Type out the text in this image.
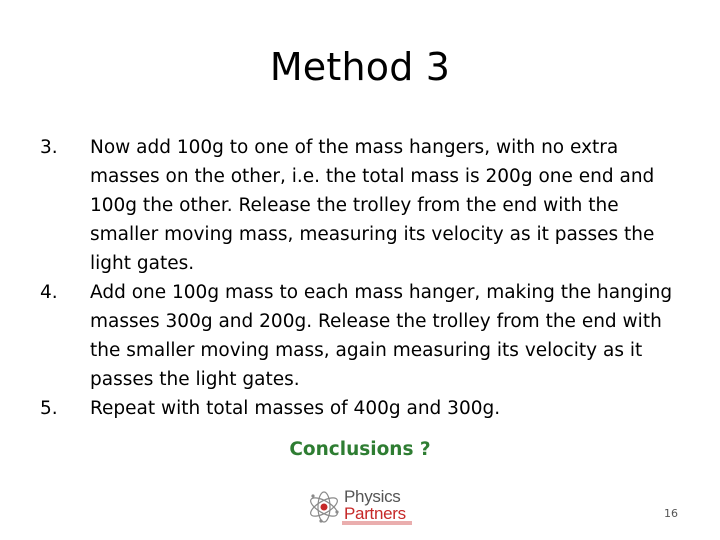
Method 3
3.	Now add 100g to one of the mass hangers, with no extra masses on the other, i.e. the total mass is 200g one end and 100g the other. Release the trolley from the end with the smaller moving mass, measuring its velocity as it passes the light gates.
4.	Add one 100g mass to each mass hanger, making the hanging masses 300g and 200g. Release the trolley from the end with the smaller moving mass, again measuring its velocity as it passes the light gates.
5.	Repeat with total masses of 400g and 300g.
Conclusions ?
Physics
Partners	16
